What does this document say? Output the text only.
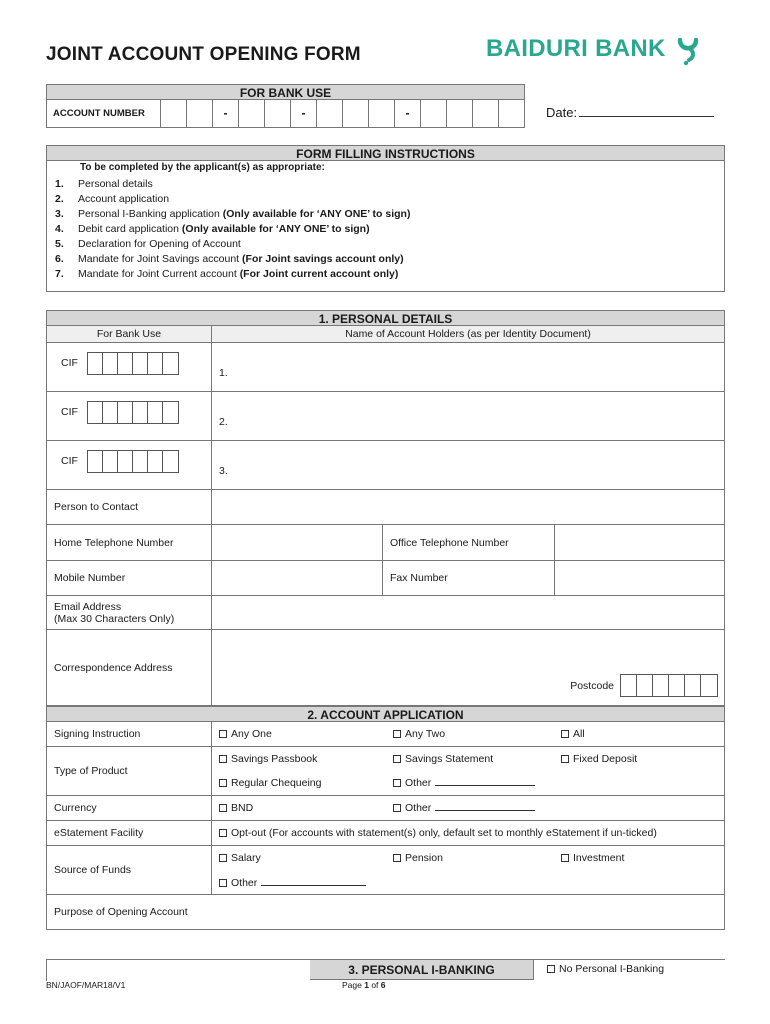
JOINT ACCOUNT OPENING FORM	BAIDURI BANK
FOR BANK USE
ACCOUNT NUMBER	-	-	-	Date:
FORM FILLING INSTRUCTIONS
To be completed by the applicant(s) as appropriate:
1.	Personal details
2.	Account application
3.	Personal I-Banking application
(Only available for ‘ANY ONE’ to sign)
4.	Debit card application
(Only available for ‘ANY ONE’ to sign)
5.	Declaration for Opening of Account
6.	Mandate for Joint Savings account
(For Joint savings account only)
7.	Mandate for Joint Current account
(For Joint current account only)
1. PERSONAL DETAILS
For Bank Use	Name of Account Holders (as per Identity Document)
CIF
1.
CIF
2.
CIF
3.
Person to Contact
Home Telephone Number	Office Telephone Number
Mobile Number	Fax Number
Email Address
(Max 30 Characters Only)
Correspondence Address
Postcode
2. ACCOUNT APPLICATION
Signing Instruction	Any One	Any Two	All
Type of Product
Savings Passbook	Savings Statement	Fixed Deposit
Regular Chequeing	Other
Currency	BND	Other
eStatement Facility	Opt-out (For accounts with statement(s) only, default set to monthly eStatement if un-ticked)
Source of Funds
Salary	Pension	Investment
Other
Purpose of Opening Account
3. PERSONAL I-BANKING	No Personal I-Banking
BN/JAOF/MAR18/V1	Page 1 of 6
